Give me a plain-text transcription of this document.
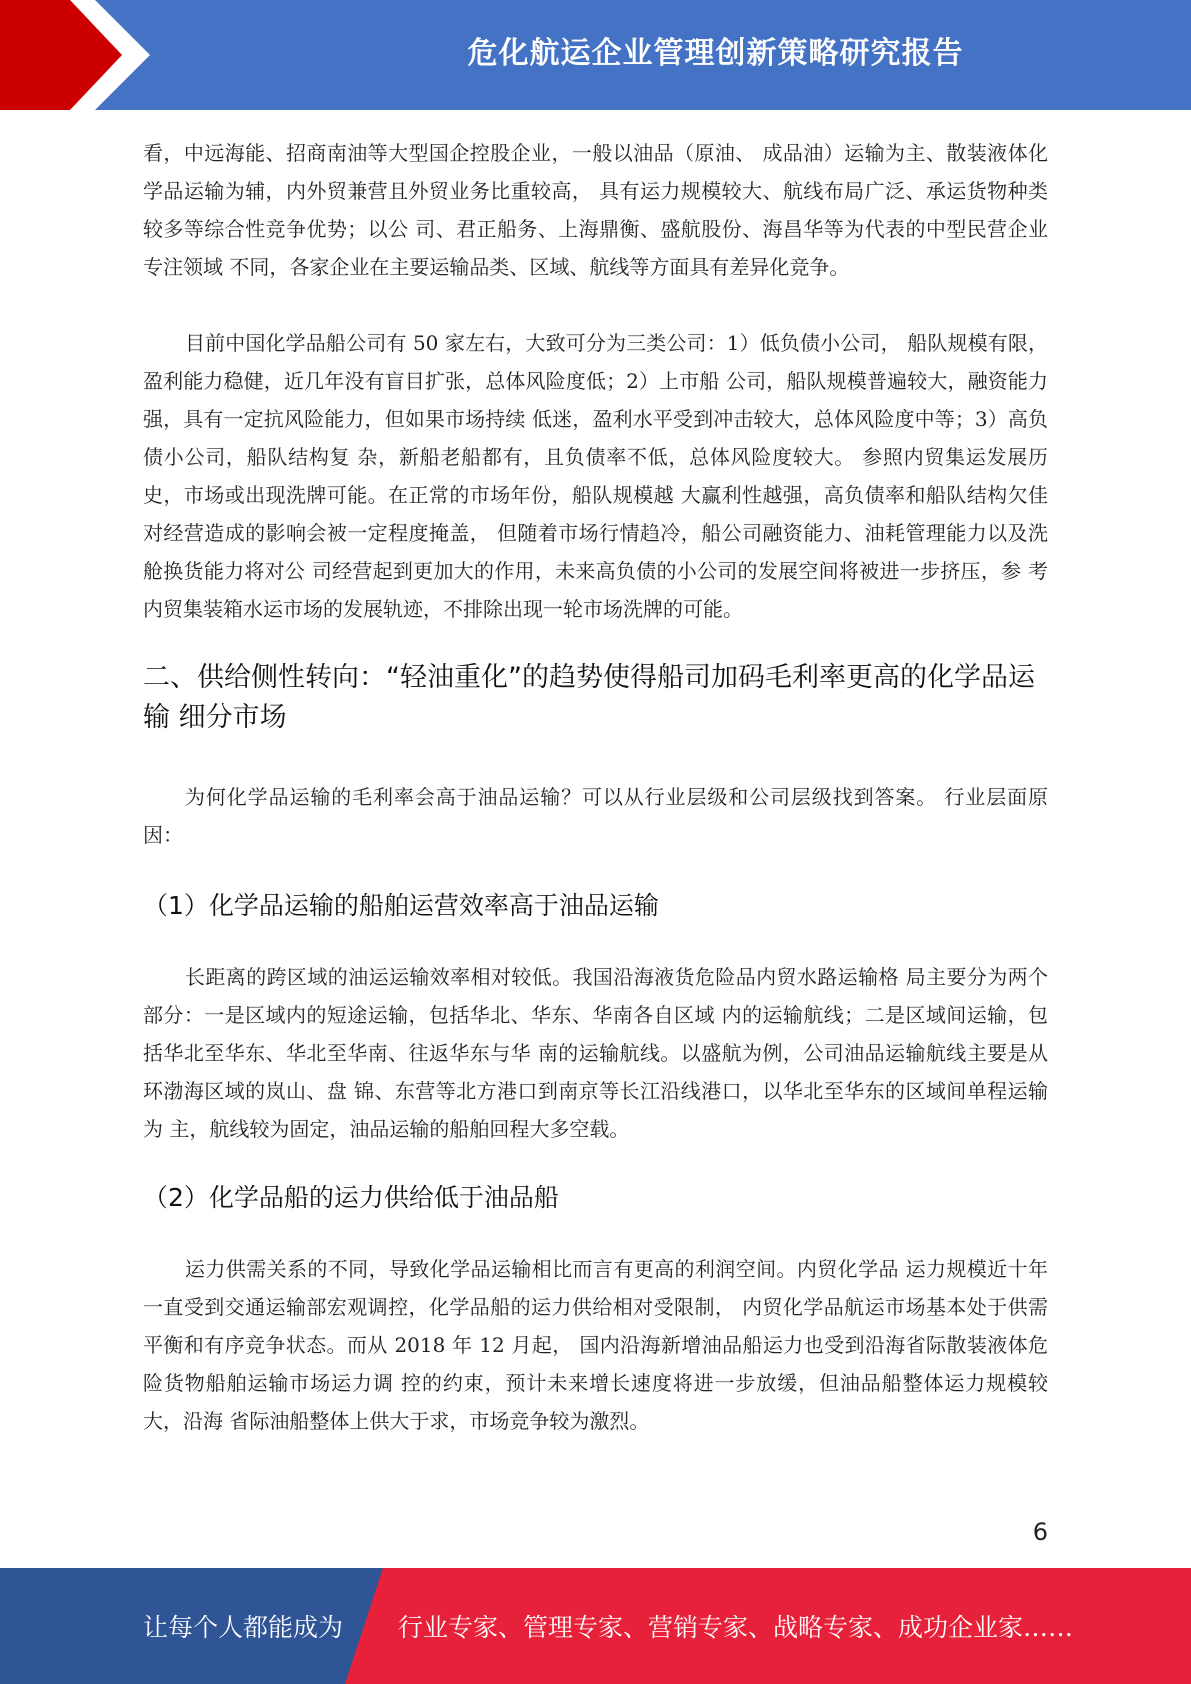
危化航运企业管理创新策略研究报告

看，中远海能、招商南油等大型国企控股企业，一般以油品（原油、 成品油）运输为主、散装液体化学品运输为辅，内外贸兼营且外贸业务比重较高， 具有运力规模较大、航线布局广泛、承运货物种类较多等综合性竞争优势；以公 司、君正船务、上海鼎衡、盛航股份、海昌华等为代表的中型民营企业专注领域 不同，各家企业在主要运输品类、区域、航线等方面具有差异化竞争。

目前中国化学品船公司有 50 家左右，大致可分为三类公司：1）低负债小公司， 船队规模有限，盈利能力稳健，近几年没有盲目扩张，总体风险度低；2）上市船 公司，船队规模普遍较大，融资能力强，具有一定抗风险能力，但如果市场持续 低迷，盈利水平受到冲击较大，总体风险度中等；3）高负债小公司，船队结构复 杂，新船老船都有，且负债率不低，总体风险度较大。 参照内贸集运发展历史，市场或出现洗牌可能。在正常的市场年份，船队规模越 大赢利性越强，高负债率和船队结构欠佳对经营造成的影响会被一定程度掩盖， 但随着市场行情趋冷，船公司融资能力、油耗管理能力以及洗舱换货能力将对公 司经营起到更加大的作用，未来高负债的小公司的发展空间将被进一步挤压，参 考内贸集装箱水运市场的发展轨迹，不排除出现一轮市场洗牌的可能。

二、供给侧性转向：“轻油重化”的趋势使得船司加码毛利率更高的化学品运输 细分市场

为何化学品运输的毛利率会高于油品运输？可以从行业层级和公司层级找到答案。 行业层面原因：

（1）化学品运输的船舶运营效率高于油品运输

长距离的跨区域的油运运输效率相对较低。我国沿海液货危险品内贸水路运输格 局主要分为两个部分：一是区域内的短途运输，包括华北、华东、华南各自区域 内的运输航线；二是区域间运输，包括华北至华东、华北至华南、往返华东与华 南的运输航线。以盛航为例，公司油品运输航线主要是从环渤海区域的岚山、盘 锦、东营等北方港口到南京等长江沿线港口，以华北至华东的区域间单程运输为 主，航线较为固定，油品运输的船舶回程大多空载。

（2）化学品船的运力供给低于油品船

运力供需关系的不同，导致化学品运输相比而言有更高的利润空间。内贸化学品 运力规模近十年一直受到交通运输部宏观调控，化学品船的运力供给相对受限制， 内贸化学品航运市场基本处于供需平衡和有序竞争状态。而从 2018 年 12 月起， 国内沿海新增油品船运力也受到沿海省际散装液体危险货物船舶运输市场运力调 控的约束，预计未来增长速度将进一步放缓，但油品船整体运力规模较大，沿海 省际油船整体上供大于求，市场竞争较为激烈。

6
让每个人都能成为 行业专家、管理专家、营销专家、战略专家、成功企业家……
